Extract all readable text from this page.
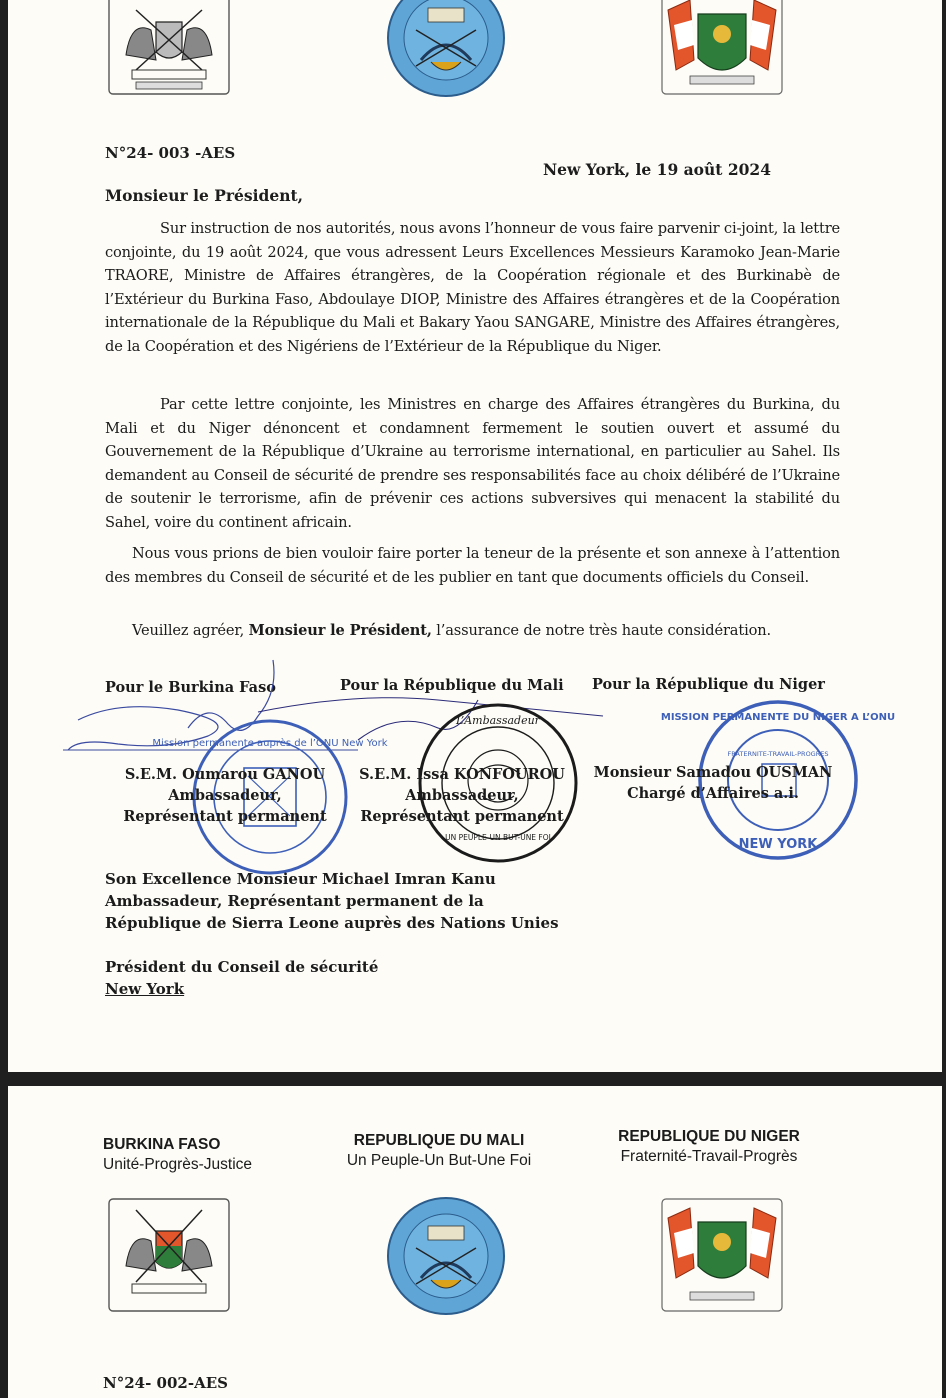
N°24- 003 -AES
New York, le 19 août 2024
Monsieur le Président,

Sur instruction de nos autorités, nous avons l’honneur de vous faire parvenir ci-joint, la lettre conjointe, du 19 août 2024, que vous adressent Leurs Excellences Messieurs Karamoko Jean-Marie TRAORE, Ministre de Affaires étrangères, de la Coopération régionale et des Burkinabè de l’Extérieur du Burkina Faso, Abdoulaye DIOP, Ministre des Affaires étrangères et de la Coopération internationale de la République du Mali et Bakary Yaou SANGARE, Ministre des Affaires étrangères, de la Coopération et des Nigériens de l’Extérieur de la République du Niger.

Par cette lettre conjointe, les Ministres en charge des Affaires étrangères du Burkina, du Mali et du Niger dénoncent et condamnent fermement le soutien ouvert et assumé du Gouvernement de la République d’Ukraine au terrorisme international, en particulier au Sahel. Ils demandent au Conseil de sécurité de prendre ses responsabilités face au choix délibéré de l’Ukraine de soutenir le terrorisme, afin de prévenir ces actions subversives qui menacent la stabilité du Sahel, voire du continent africain.

Nous vous prions de bien vouloir faire porter la teneur de la présente et son annexe à l’attention des membres du Conseil de sécurité et de les publier en tant que documents officiels du Conseil.

Veuillez agréer, Monsieur le Président, l’assurance de notre très haute considération.

Pour le Burkina Faso	Pour la République du Mali Pour la République du Niger
Mission permanente auprès de l’ONU New York
L’Ambassadeur
UN PEUPLE-UN BUT-UNE FOI
MISSION PERMANENTE DU NIGER A L’ONU
FRATERNITE-TRAVAIL-PROGRES
NEW YORK
S.E.M. Oumarou GANOU
Ambassadeur,
Représentant permanent
S.E.M. Issa KONFOUROU
Ambassadeur,
Représentant permanent
Monsieur Samadou OUSMAN
Chargé d’Affaires a.i.
Son Excellence Monsieur Michael Imran Kanu
Ambassadeur, Représentant permanent de la
République de Sierra Leone auprès des Nations Unies
Président du Conseil de sécurité
New York
BURKINA FASO
Unité-Progrès-Justice
REPUBLIQUE DU MALI
Un Peuple-Un But-Une Foi
REPUBLIQUE DU NIGER
Fraternité-Travail-Progrès
N°24- 002-AES
